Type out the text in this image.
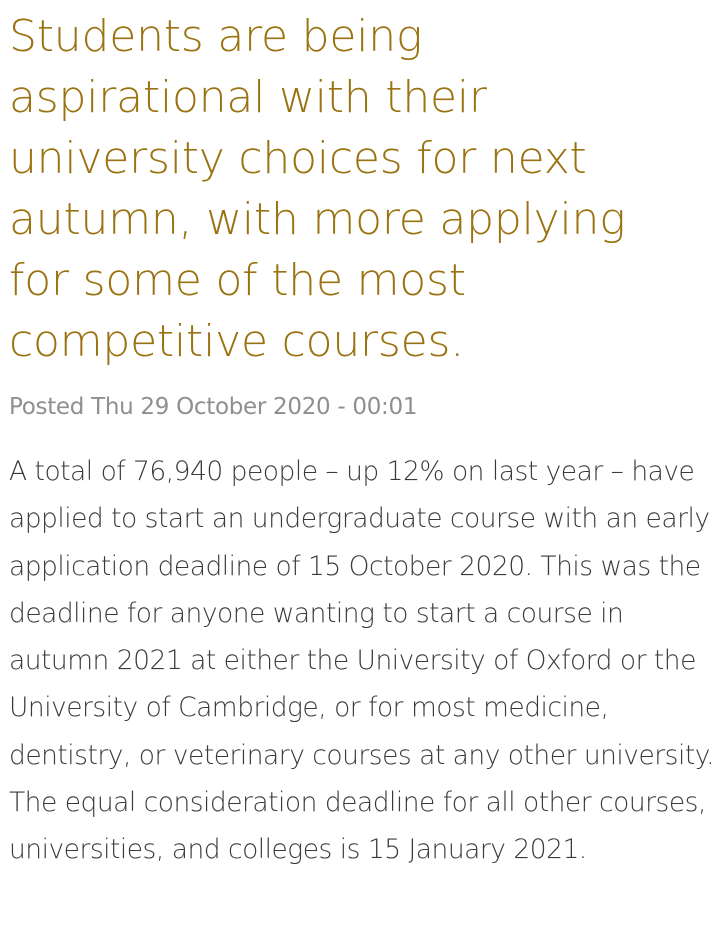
Students are being aspirational with their university choices for next autumn, with more applying for some of the most competitive courses.
Posted Thu 29 October 2020 - 00:01

A total of 76,940 people – up 12% on last year – have applied to start an undergraduate course with an early application deadline of 15 October 2020. This was the deadline for anyone wanting to start a course in autumn 2021 at either the University of Oxford or the University of Cambridge, or for most medicine, dentistry, or veterinary courses at any other university. The equal consideration deadline for all other courses, universities, and colleges is 15 January 2021.
